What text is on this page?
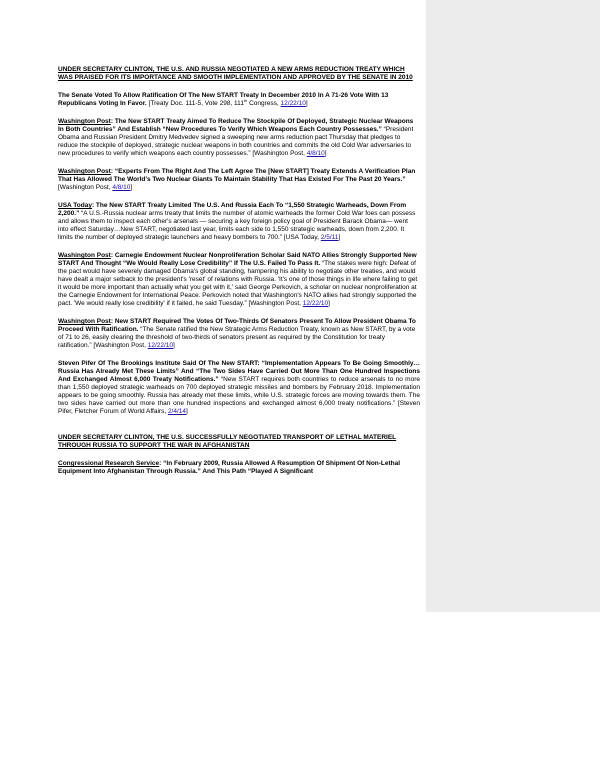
UNDER SECRETARY CLINTON, THE U.S. AND RUSSIA NEGOTIATED A NEW ARMS REDUCTION TREATY WHICH WAS PRAISED FOR ITS IMPORTANCE AND SMOOTH IMPLEMENTATION AND APPROVED BY THE SENATE IN 2010

The Senate Voted To Allow Ratification Of The New START Treaty In December 2010 In A 71-26 Vote With 13 Republicans Voting In Favor. [Treaty Doc. 111-5, Vote 298, 111th Congress, 12/22/10]

Washington Post: The New START Treaty Aimed To Reduce The Stockpile Of Deployed, Strategic Nuclear Weapons In Both Countries” And Establish “New Procedures To Verify Which Weapons Each Country Possesses.” “President Obama and Russian President Dmitry Medvedev signed a sweeping new arms reduction pact Thursday that pledges to reduce the stockpile of deployed, strategic nuclear weapons in both countries and commits the old Cold War adversaries to new procedures to verify which weapons each country possesses.” [Washington Post, 4/8/10]

Washington Post: “Experts From The Right And The Left Agree The [New START] Treaty Extends A Verification Plan That Has Allowed The World’s Two Nuclear Giants To Maintain Stability That Has Existed For The Past 20 Years.” [Washington Post, 4/8/10]

USA Today: The New START Treaty Limited The U.S. And Russia Each To “1,550 Strategic Warheads, Down From 2,200.” “A U.S.-Russia nuclear arms treaty that limits the number of atomic warheads the former Cold War foes can possess and allows them to inspect each other's arsenals — securing a key foreign policy goal of President Barack Obama— went into effect Saturday…New START, negotiated last year, limits each side to 1,550 strategic warheads, down from 2,200. It limits the number of deployed strategic launchers and heavy bombers to 700.” [USA Today, 2/5/11]

Washington Post: Carnegie Endowment Nuclear Nonproliferation Scholar Said NATO Allies Strongly Supported New START And Thought “We Would Really Lose Credibility” If The U.S. Failed To Pass It. “The stakes were high: Defeat of the pact would have severely damaged Obama's global standing, hampering his ability to negotiate other treaties, and would have dealt a major setback to the president's 'reset' of relations with Russia. 'It's one of those things in life where failing to get it would be more important than actually what you get with it,' said George Perkovich, a scholar on nuclear nonproliferation at the Carnegie Endowment for International Peace. Perkovich noted that Washington's NATO allies had strongly supported the pact. 'We would really lose credibility' if it failed, he said Tuesday.” [Washington Post, 12/22/10]

Washington Post: New START Required The Votes Of Two-Thirds Of Senators Present To Allow President Obama To Proceed With Ratification. “The Senate ratified the New Strategic Arms Reduction Treaty, known as New START, by a vote of 71 to 26, easily clearing the threshold of two-thirds of senators present as required by the Constitution for treaty ratification.” [Washington Post, 12/22/10]

Steven Pifer Of The Brookings Institute Said Of The New START: “Implementation Appears To Be Going Smoothly…Russia Has Already Met These Limits” And “The Two Sides Have Carried Out More Than One Hundred Inspections And Exchanged Almost 6,000 Treaty Notifications.” “New START requires both countries to reduce arsenals to no more than 1,550 deployed strategic warheads on 700 deployed strategic missiles and bombers by February 2018. Implementation appears to be going smoothly. Russia has already met these limits, while U.S. strategic forces are moving towards them. The two sides have carried out more than one hundred inspections and exchanged almost 6,000 treaty notifications.” [Steven Pifer, Fletcher Forum of World Affairs, 2/4/14]

UNDER SECRETARY CLINTON, THE U.S. SUCCESSFULLY NEGOTIATED TRANSPORT OF LETHAL MATERIEL THROUGH RUSSIA TO SUPPORT THE WAR IN AFGHANISTAN

Congressional Research Service: “In February 2009, Russia Allowed A Resumption Of Shipment Of Non-Lethal Equipment Into Afghanistan Through Russia.” And This Path “Played A Significant
